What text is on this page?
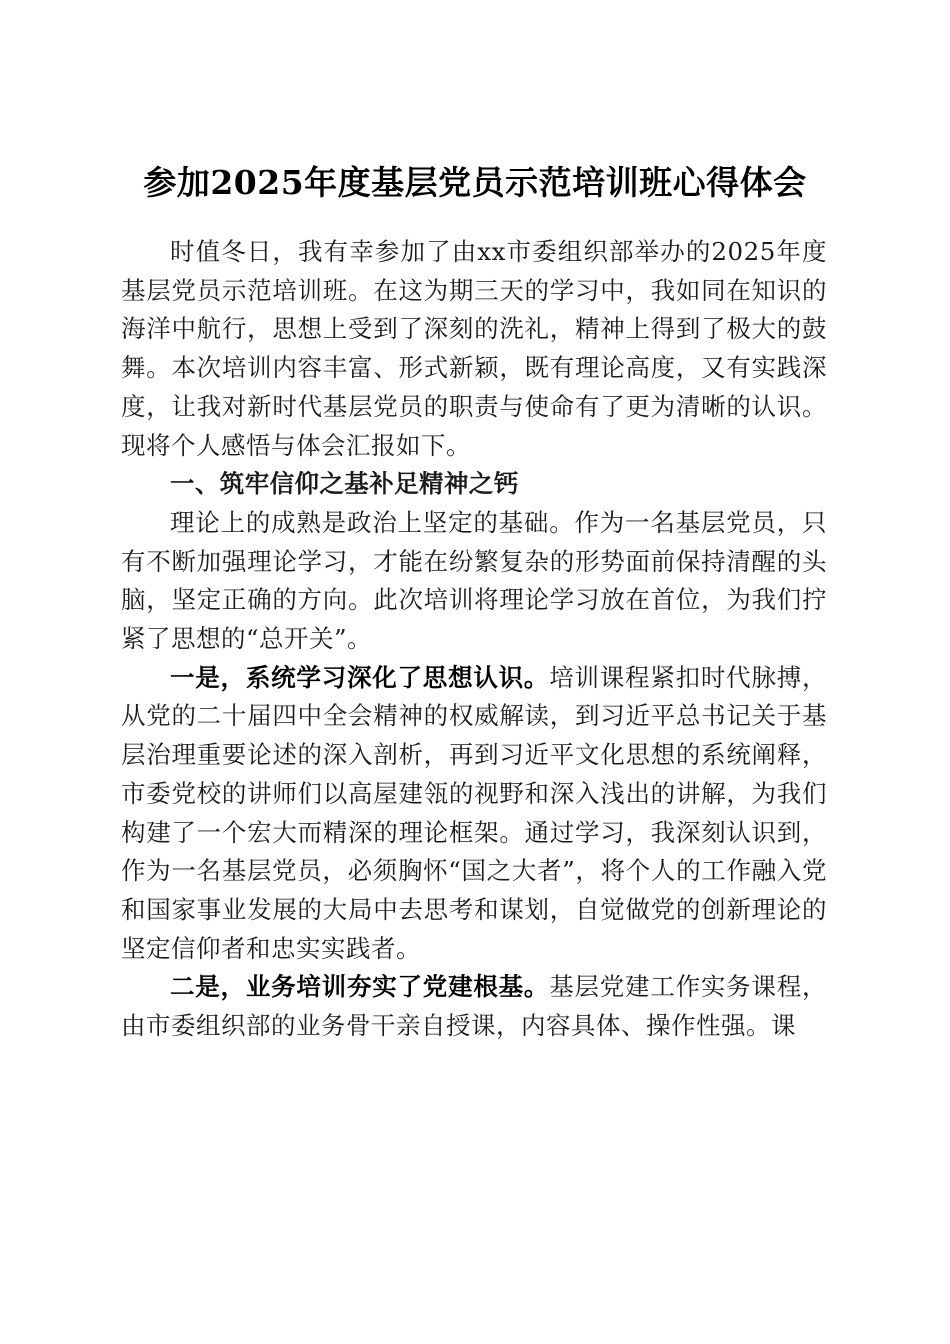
参加2025年度基层党员示范培训班心得体会

时值冬日，我有幸参加了由xx市委组织部举办的2025年度基层党员示范培训班。在这为期三天的学习中，我如同在知识的海洋中航行，思想上受到了深刻的洗礼，精神上得到了极大的鼓舞。本次培训内容丰富、形式新颖，既有理论高度，又有实践深度，让我对新时代基层党员的职责与使命有了更为清晰的认识。现将个人感悟与体会汇报如下。

一、筑牢信仰之基补足精神之钙

理论上的成熟是政治上坚定的基础。作为一名基层党员，只有不断加强理论学习，才能在纷繁复杂的形势面前保持清醒的头脑，坚定正确的方向。此次培训将理论学习放在首位，为我们拧紧了思想的“总开关”。

一是，系统学习深化了思想认识。培训课程紧扣时代脉搏，从党的二十届四中全会精神的权威解读，到习近平总书记关于基层治理重要论述的深入剖析，再到习近平文化思想的系统阐释，市委党校的讲师们以高屋建瓴的视野和深入浅出的讲解，为我们构建了一个宏大而精深的理论框架。通过学习，我深刻认识到，作为一名基层党员，必须胸怀“国之大者”，将个人的工作融入党和国家事业发展的大局中去思考和谋划，自觉做党的创新理论的坚定信仰者和忠实实践者。

二是，业务培训夯实了党建根基。基层党建工作实务课程，由市委组织部的业务骨干亲自授课，内容具体、操作性强。课
